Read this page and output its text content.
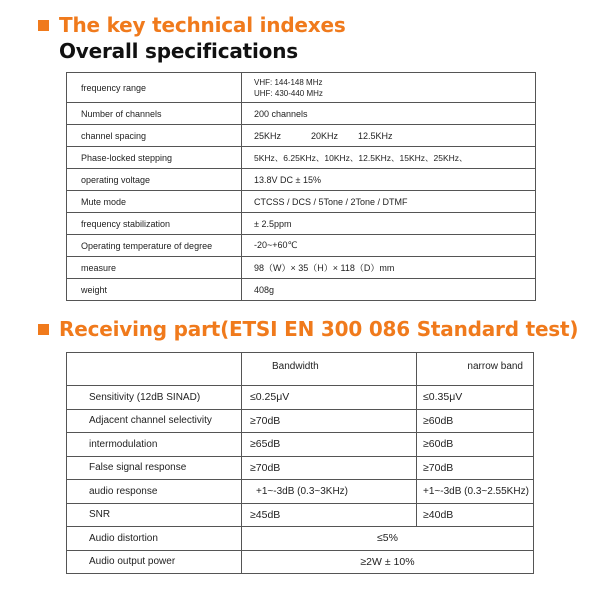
The key technical indexes
Overall specifications
frequency range	VHF: 144-148 MHz
UHF: 430-440 MHz

Number of channels	200 channels
channel spacing	25KHz            20KHz        12.5KHz
Phase-locked stepping	5KHz、6.25KHz、10KHz、12.5KHz、15KHz、25KHz、
operating voltage	13.8V DC ± 15%
Mute mode	CTCSS / DCS / 5Tone / 2Tone / DTMF
frequency stabilization	± 2.5ppm
Operating temperature of degree	-20~+60℃
measure	98（W）× 35（H）× 118（D）mm
weight	408g
Receiving part(ETSI EN 300 086 Standard test)
	Bandwidth	narrow band
Sensitivity (12dB SINAD)	≤0.25μV	≤0.35μV
Adjacent channel selectivity	≥70dB	≥60dB
intermodulation	≥65dB	≥60dB
False signal response	≥70dB	≥70dB
audio response	+1~-3dB (0.3~3KHz)	+1~-3dB (0.3~2.55KHz)
SNR	≥45dB	≥40dB
Audio distortion	≤5%	
Audio output power	≥2W ± 10%	
